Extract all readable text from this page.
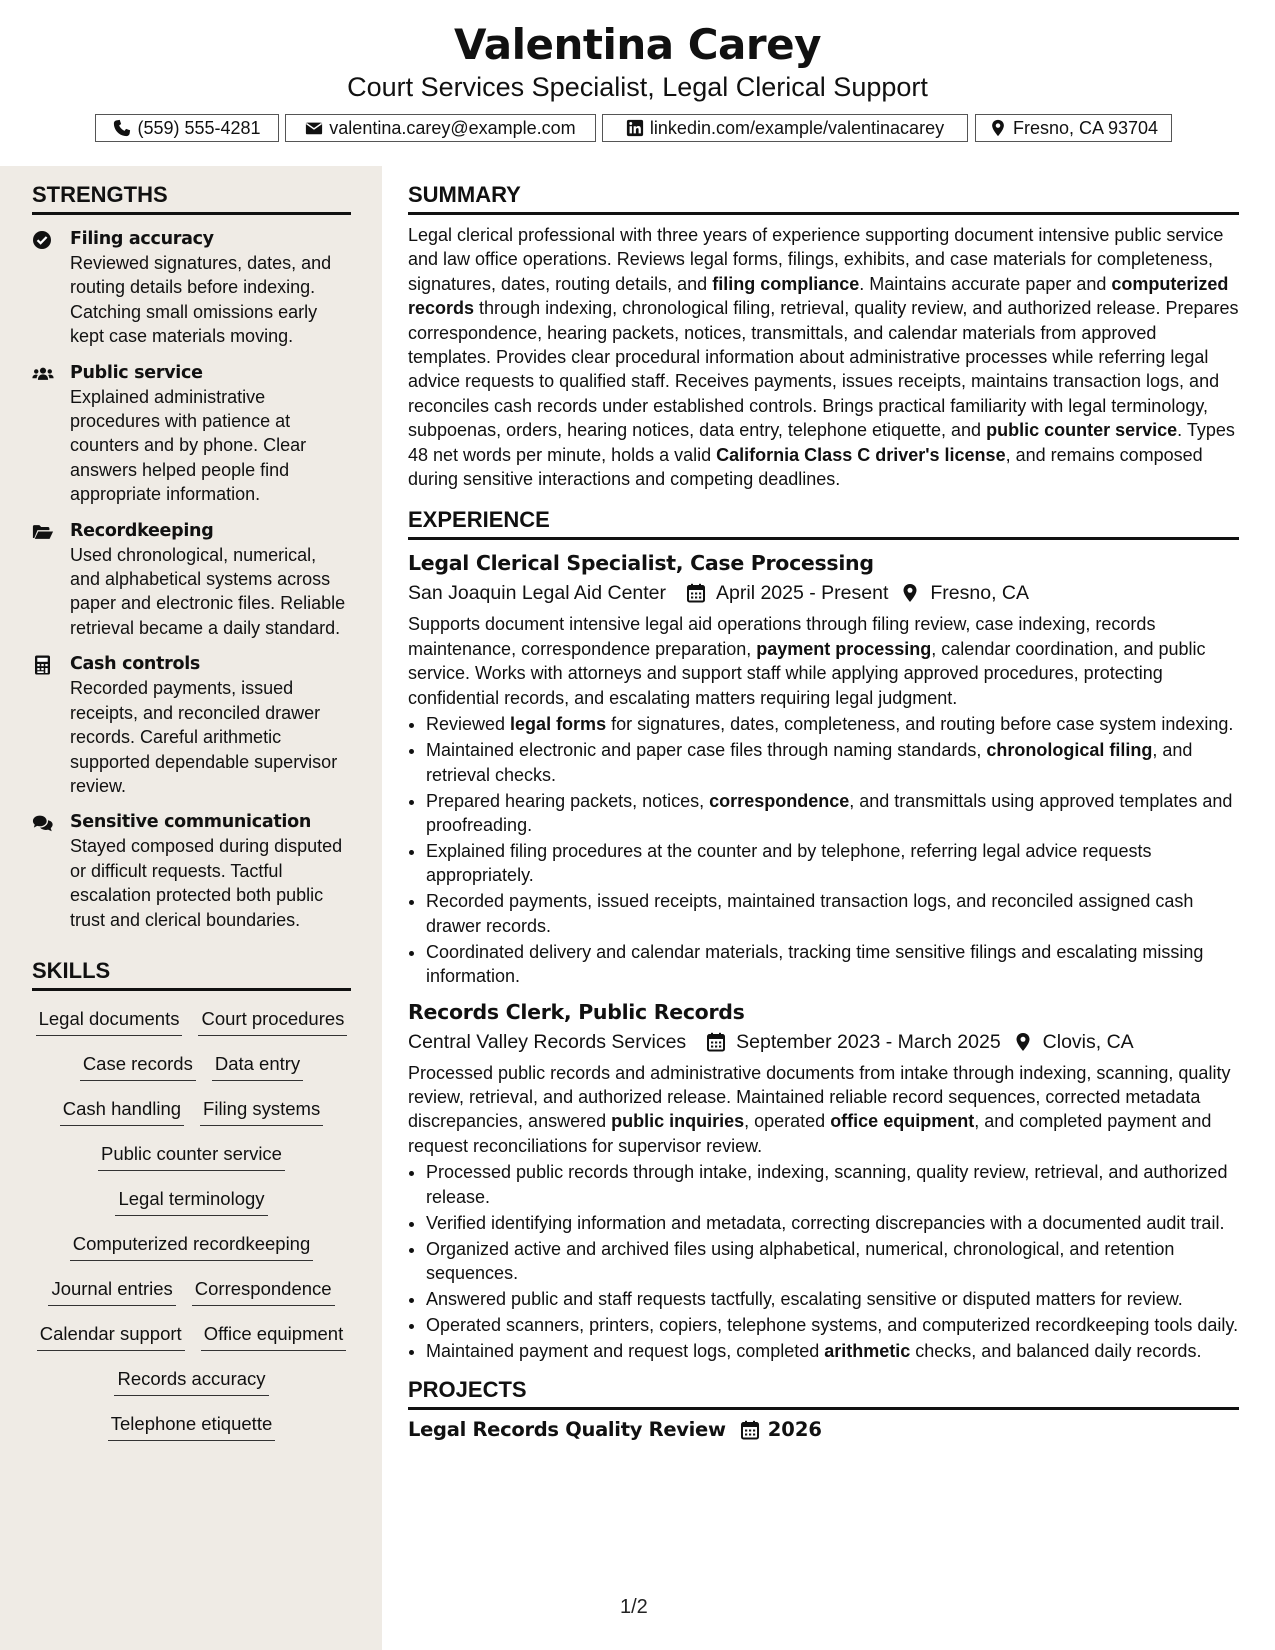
Valentina Carey
Court Services Specialist, Legal Clerical Support
(559) 555-4281	valentina.carey@example.com	linkedin.com/example/valentinacarey	Fresno, CA 93704
STRENGTHS
Filing accuracy
Reviewed signatures, dates, and routing details before indexing. Catching small omissions early kept case materials moving.
Public service
Explained administrative procedures with patience at counters and by phone. Clear answers helped people find appropriate information.
Recordkeeping
Used chronological, numerical, and alphabetical systems across paper and electronic files. Reliable retrieval became a daily standard.
Cash controls
Recorded payments, issued receipts, and reconciled drawer records. Careful arithmetic supported dependable supervisor review.
Sensitive communication
Stayed composed during disputed or difficult requests. Tactful escalation protected both public trust and clerical boundaries.
SKILLS
Legal documents Court procedures
Case records Data entry
Cash handling Filing systems
Public counter service
Legal terminology
Computerized recordkeeping
Journal entries Correspondence
Calendar support Office equipment
Records accuracy
Telephone etiquette
SUMMARY

Legal clerical professional with three years of experience supporting document intensive public service and law office operations. Reviews legal forms, filings, exhibits, and case materials for completeness, signatures, dates, routing details, and filing compliance. Maintains accurate paper and computerized records through indexing, chronological filing, retrieval, quality review, and authorized release. Prepares correspondence, hearing packets, notices, transmittals, and calendar materials from approved templates. Provides clear procedural information about administrative processes while referring legal advice requests to qualified staff. Receives payments, issues receipts, maintains transaction logs, and reconciles cash records under established controls. Brings practical familiarity with legal terminology, subpoenas, orders, hearing notices, data entry, telephone etiquette, and public counter service. Types 48 net words per minute, holds a valid California Class C driver's license, and remains composed during sensitive interactions and competing deadlines.

EXPERIENCE
Legal Clerical Specialist, Case Processing
San Joaquin Legal Aid Center	April 2025 - Present Fresno, CA

Supports document intensive legal aid operations through filing review, case indexing, records maintenance, correspondence preparation, payment processing, calendar coordination, and public service. Works with attorneys and support staff while applying approved procedures, protecting confidential records, and escalating matters requiring legal judgment.

• Reviewed legal forms for signatures, dates, completeness, and routing before case system indexing.
• Maintained electronic and paper case files through naming standards, chronological filing, and retrieval checks.
• Prepared hearing packets, notices, correspondence, and transmittals using approved templates and proofreading.
• Explained filing procedures at the counter and by telephone, referring legal advice requests appropriately.
• Recorded payments, issued receipts, maintained transaction logs, and reconciled assigned cash drawer records.
• Coordinated delivery and calendar materials, tracking time sensitive filings and escalating missing information.
Records Clerk, Public Records
Central Valley Records Services	September 2023 - March 2025 Clovis, CA

Processed public records and administrative documents from intake through indexing, scanning, quality review, retrieval, and authorized release. Maintained reliable record sequences, corrected metadata discrepancies, answered public inquiries, operated office equipment, and completed payment and request reconciliations for supervisor review.

• Processed public records through intake, indexing, scanning, quality review, retrieval, and authorized release.
• Verified identifying information and metadata, correcting discrepancies with a documented audit trail.
• Organized active and archived files using alphabetical, numerical, chronological, and retention sequences.
• Answered public and staff requests tactfully, escalating sensitive or disputed matters for review.
• Operated scanners, printers, copiers, telephone systems, and computerized recordkeeping tools daily.
• Maintained payment and request logs, completed arithmetic checks, and balanced daily records.
PROJECTS
Legal Records Quality Review 2026
1/2
